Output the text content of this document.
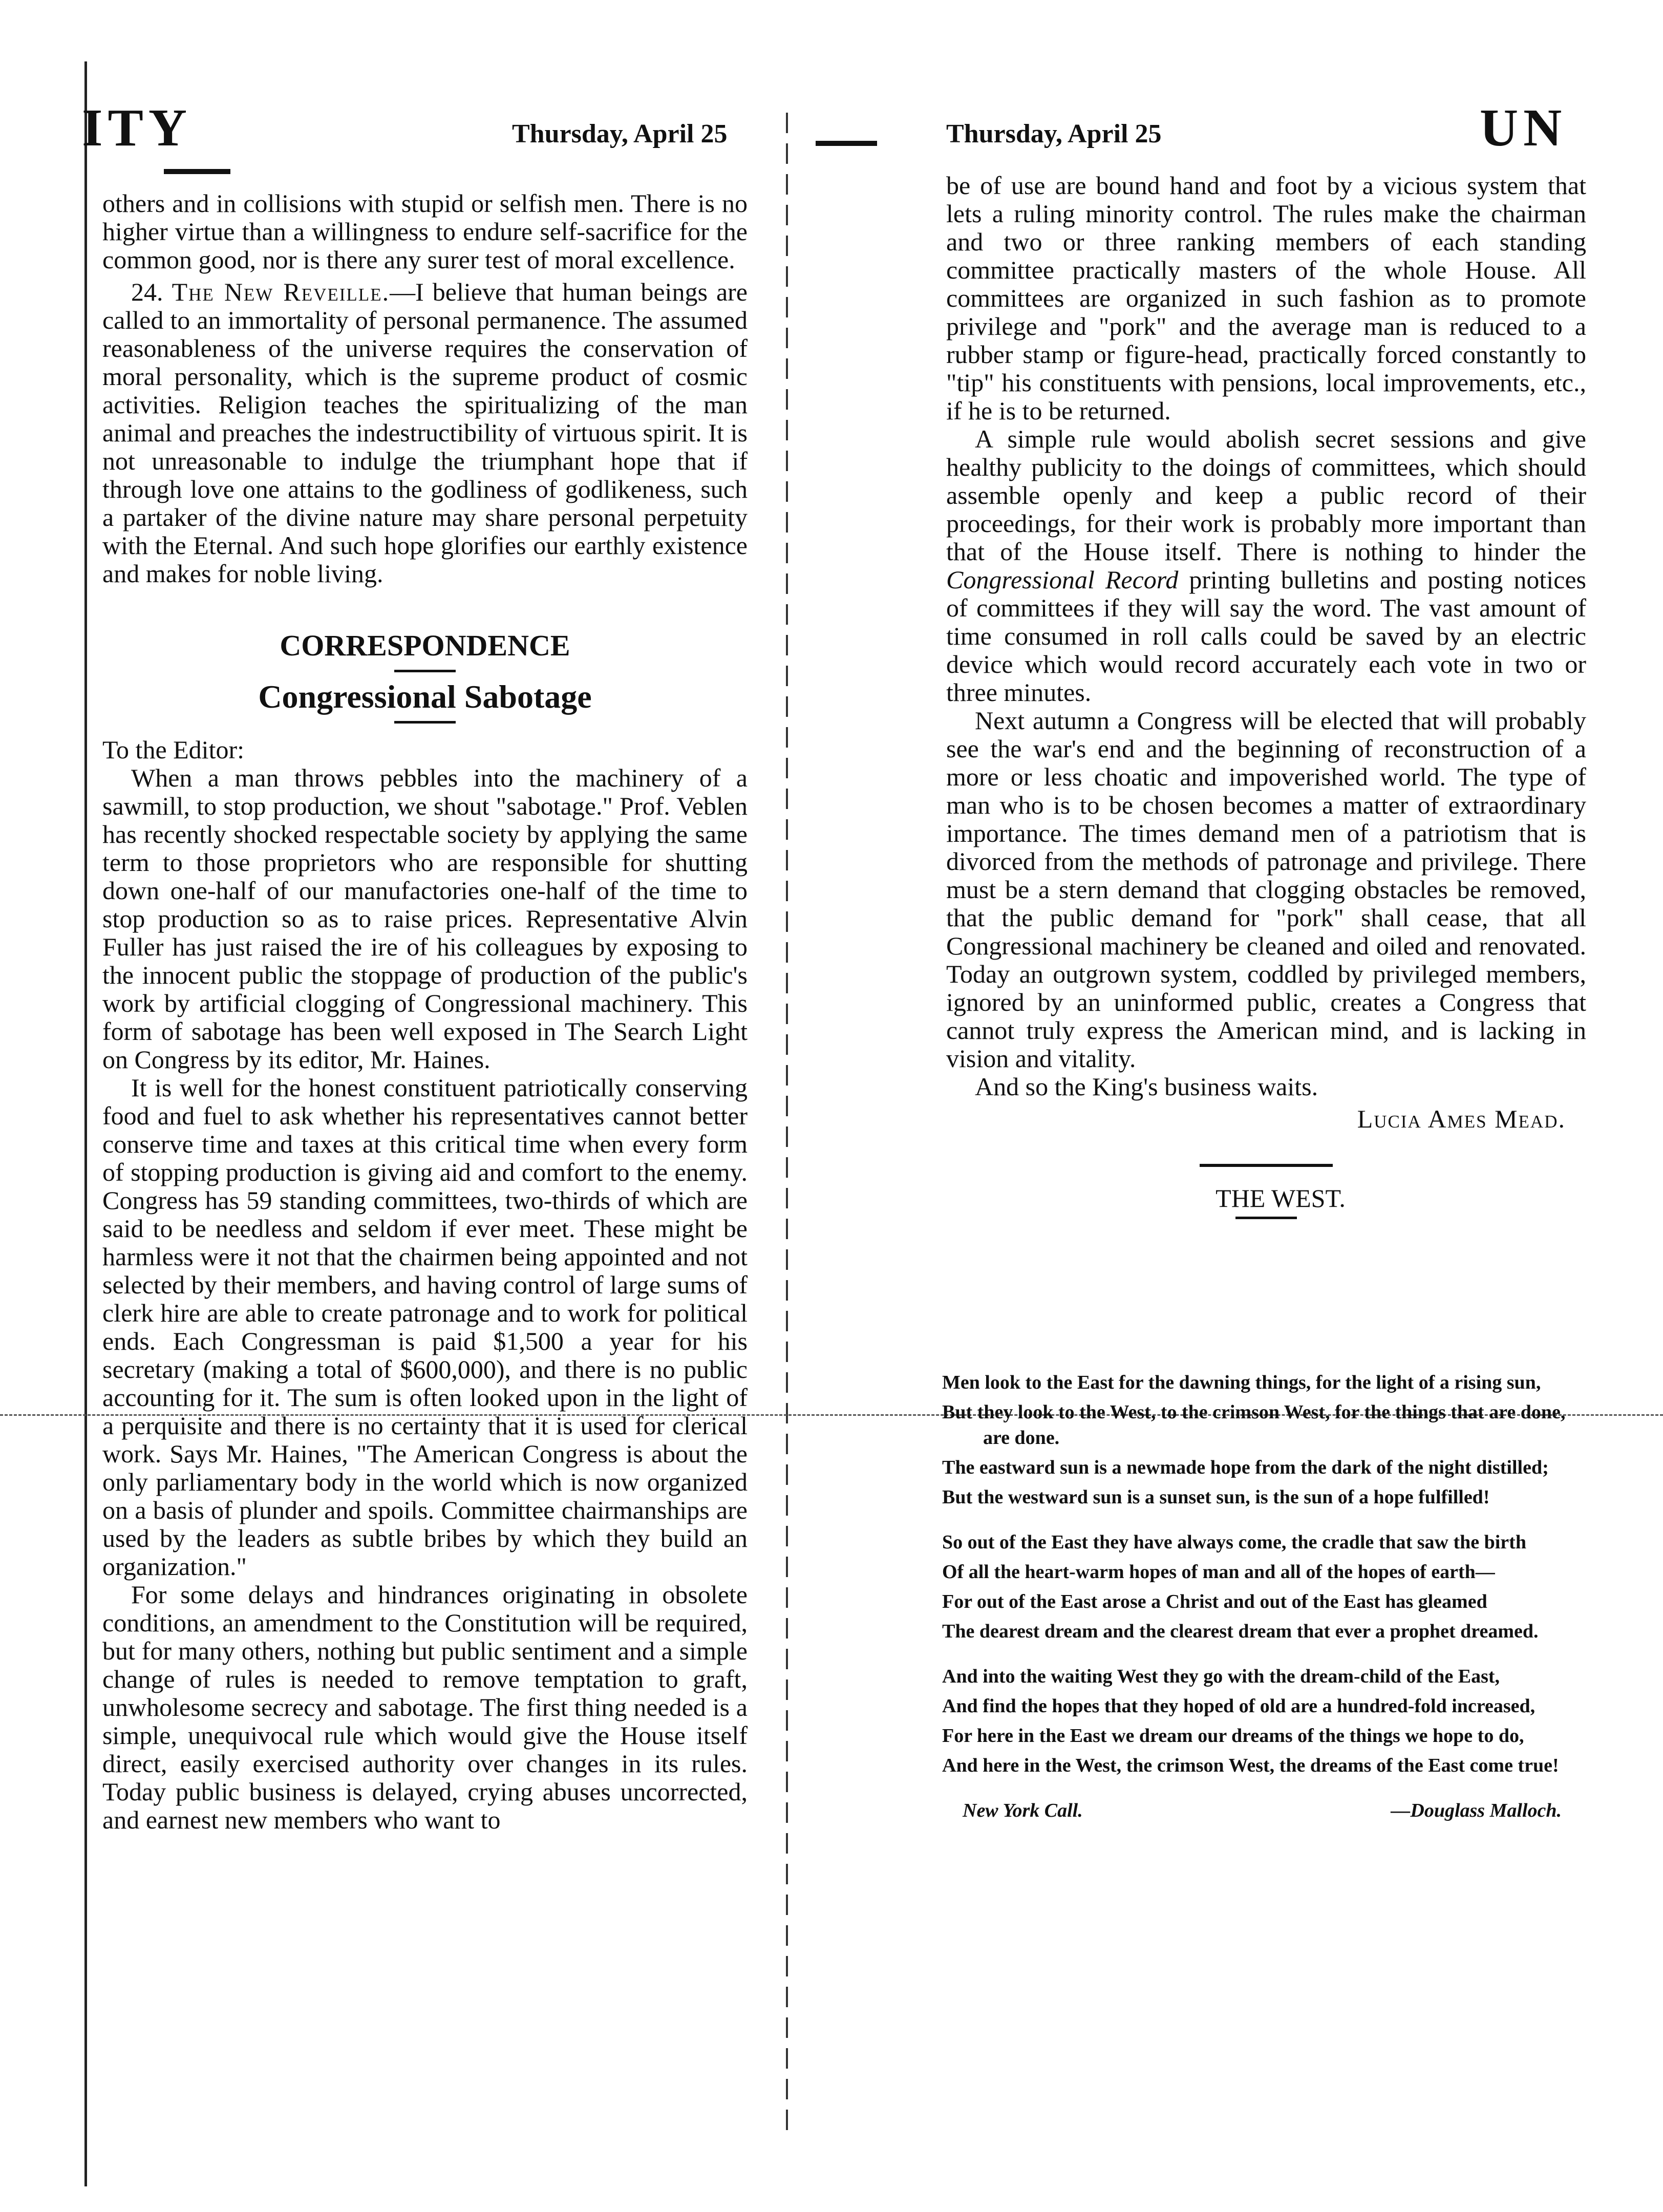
ITY	Thursday, April 25	Thursday, April 25	UN

others and in collisions with stupid or selfish men. There is no higher virtue than a willingness to endure self-sacrifice for the common good, nor is there any surer test of moral excellence.

24. The New Reveille.—I believe that human beings are called to an immortality of personal permanence. The assumed reasonableness of the universe requires the conservation of moral personality, which is the supreme product of cosmic activities. Religion teaches the spiritualizing of the man animal and preaches the indestructibility of virtuous spirit. It is not unreasonable to indulge the triumphant hope that if through love one attains to the godliness of godlikeness, such a partaker of the divine nature may share personal perpetuity with the Eternal. And such hope glorifies our earthly existence and makes for noble living.

CORRESPONDENCE
Congressional Sabotage

To the Editor:

When a man throws pebbles into the machinery of a sawmill, to stop production, we shout "sabotage." Prof. Veblen has recently shocked respectable society by applying the same term to those proprietors who are responsible for shutting down one-half of our manufactories one-half of the time to stop production so as to raise prices. Representative Alvin Fuller has just raised the ire of his colleagues by exposing to the innocent public the stoppage of production of the public's work by artificial clogging of Congressional machinery. This form of sabotage has been well exposed in The Search Light on Congress by its editor, Mr. Haines.

It is well for the honest constituent patriotically conserving food and fuel to ask whether his representatives cannot better conserve time and taxes at this critical time when every form of stopping production is giving aid and comfort to the enemy. Congress has 59 standing committees, two-thirds of which are said to be needless and seldom if ever meet. These might be harmless were it not that the chairmen being appointed and not selected by their members, and having control of large sums of clerk hire are able to create patronage and to work for political ends. Each Congressman is paid $1,500 a year for his secretary (making a total of $600,000), and there is no public accounting for it. The sum is often looked upon in the light of a perquisite and there is no certainty that it is used for clerical work. Says Mr. Haines, "The American Congress is about the only parliamentary body in the world which is now organized on a basis of plunder and spoils. Committee chairmanships are used by the leaders as subtle bribes by which they build an organization."

For some delays and hindrances originating in obsolete conditions, an amendment to the Constitution will be required, but for many others, nothing but public sentiment and a simple change of rules is needed to remove temptation to graft, unwholesome secrecy and sabotage. The first thing needed is a simple, unequivocal rule which would give the House itself direct, easily exercised authority over changes in its rules. Today public business is delayed, crying abuses uncorrected, and earnest new members who want to

be of use are bound hand and foot by a vicious system that lets a ruling minority control. The rules make the chairman and two or three ranking members of each standing committee practically masters of the whole House. All committees are organized in such fashion as to promote privilege and "pork" and the average man is reduced to a rubber stamp or figure-head, practically forced constantly to "tip" his constituents with pensions, local improvements, etc., if he is to be returned.

A simple rule would abolish secret sessions and give healthy publicity to the doings of committees, which should assemble openly and keep a public record of their proceedings, for their work is probably more important than that of the House itself. There is nothing to hinder the Congressional Record printing bulletins and posting notices of committees if they will say the word. The vast amount of time consumed in roll calls could be saved by an electric device which would record accurately each vote in two or three minutes.

Next autumn a Congress will be elected that will probably see the war's end and the beginning of reconstruction of a more or less choatic and impoverished world. The type of man who is to be chosen becomes a matter of extraordinary importance. The times demand men of a patriotism that is divorced from the methods of patronage and privilege. There must be a stern demand that clogging obstacles be removed, that the public demand for "pork" shall cease, that all Congressional machinery be cleaned and oiled and renovated. Today an outgrown system, coddled by privileged members, ignored by an uninformed public, creates a Congress that cannot truly express the American mind, and is lacking in vision and vitality.

And so the King's business waits.

Lucia Ames Mead.

THE WEST.

Men look to the East for the dawning things, for the light of a rising sun,
But they look to the West, to the crimson West, for the things that are done, are done.
The eastward sun is a newmade hope from the dark of the night distilled;
But the westward sun is a sunset sun, is the sun of a hope fulfilled!
So out of the East they have always come, the cradle that saw the birth
Of all the heart-warm hopes of man and all of the hopes of earth—
For out of the East arose a Christ and out of the East has gleamed
The dearest dream and the clearest dream that ever a prophet dreamed.
And into the waiting West they go with the dream-child of the East,
And find the hopes that they hoped of old are a hundred-fold increased,
For here in the East we dream our dreams of the things we hope to do,
And here in the West, the crimson West, the dreams of the East come true!
New York Call.	—Douglass Malloch.
